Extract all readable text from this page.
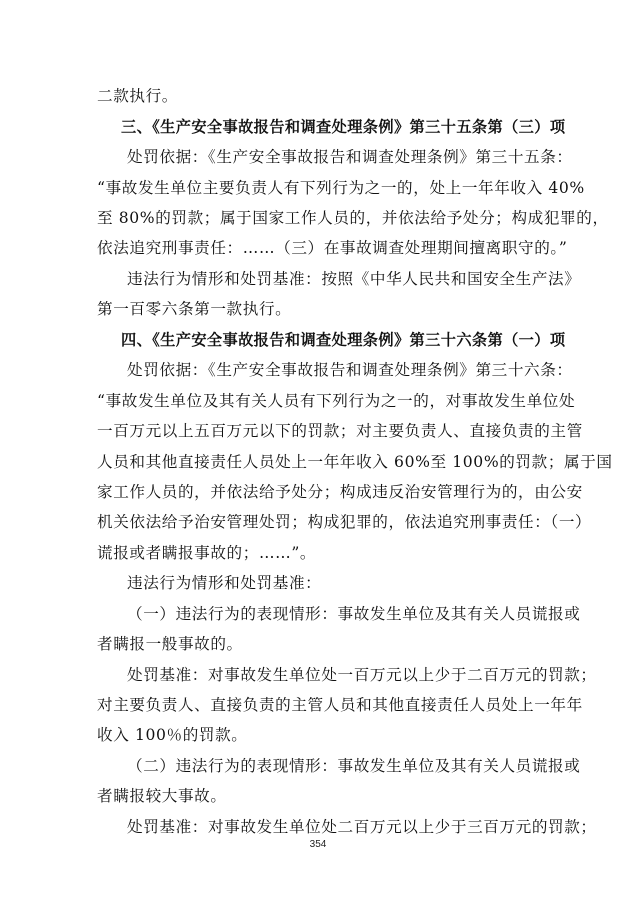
二款执行。
三、《生产安全事故报告和调查处理条例》第三十五条第（三）项
处罚依据：《生产安全事故报告和调查处理条例》第三十五条：
“事故发生单位主要负责人有下列行为之一的，处上一年年收入 40%
至 80%的罚款；属于国家工作人员的，并依法给予处分；构成犯罪的，
依法追究刑事责任：……（三）在事故调查处理期间擅离职守的。”
违法行为情形和处罚基准：按照《中华人民共和国安全生产法》
第一百零六条第一款执行。
四、《生产安全事故报告和调查处理条例》第三十六条第（一）项
处罚依据：《生产安全事故报告和调查处理条例》第三十六条：
“事故发生单位及其有关人员有下列行为之一的，对事故发生单位处
一百万元以上五百万元以下的罚款；对主要负责人、直接负责的主管
人员和其他直接责任人员处上一年年收入 60%至 100%的罚款；属于国
家工作人员的，并依法给予处分；构成违反治安管理行为的，由公安
机关依法给予治安管理处罚；构成犯罪的，依法追究刑事责任：（一）
谎报或者瞒报事故的；……”。
违法行为情形和处罚基准：
（一）违法行为的表现情形：事故发生单位及其有关人员谎报或
者瞒报一般事故的。
处罚基准：对事故发生单位处一百万元以上少于二百万元的罚款；
对主要负责人、直接负责的主管人员和其他直接责任人员处上一年年
收入 100％的罚款。
（二）违法行为的表现情形：事故发生单位及其有关人员谎报或
者瞒报较大事故。
处罚基准：对事故发生单位处二百万元以上少于三百万元的罚款；
354
